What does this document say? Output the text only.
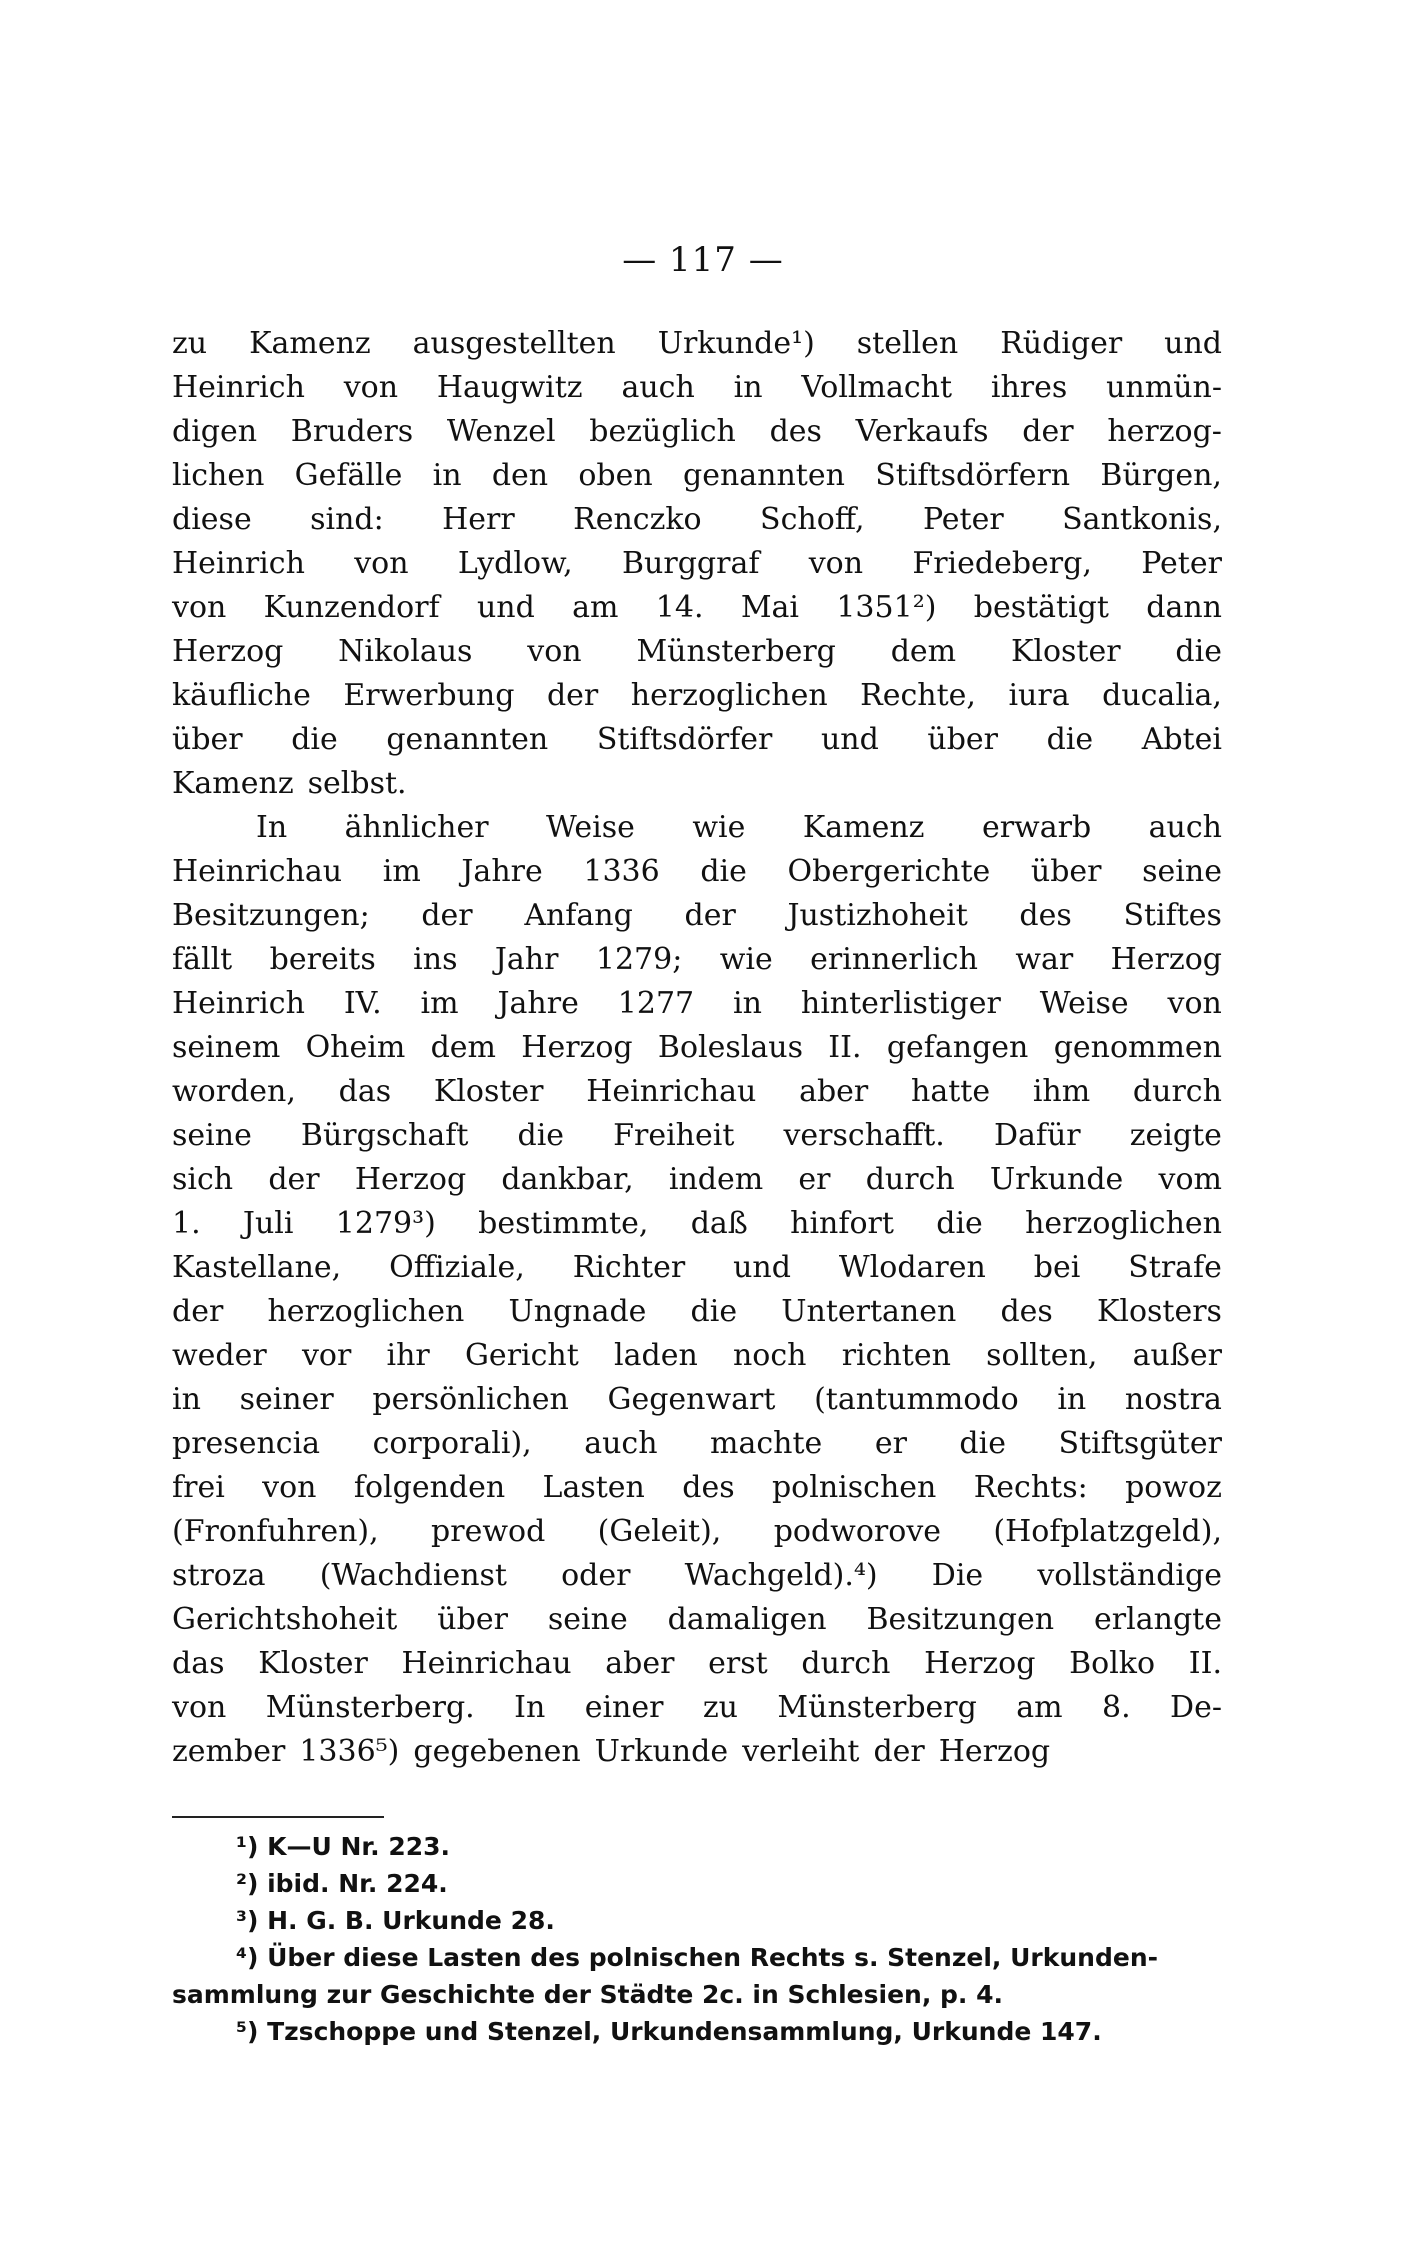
— 117 —
zu Kamenz ausgestellten Urkunde¹) stellen Rüdiger und
Heinrich von Haugwitz auch in Vollmacht ihres unmün-
digen Bruders Wenzel bezüglich des Verkaufs der herzog-
lichen Gefälle in den oben genannten Stiftsdörfern Bürgen,
diese sind: Herr Renczko Schoff, Peter Santkonis,
Heinrich von Lydlow, Burggraf von Friedeberg, Peter
von Kunzendorf und am 14. Mai 1351²) bestätigt dann
Herzog Nikolaus von Münsterberg dem Kloster die
käufliche Erwerbung der herzoglichen Rechte, iura ducalia,
über die genannten Stiftsdörfer und über die Abtei
Kamenz selbst.
In ähnlicher Weise wie Kamenz erwarb auch
Heinrichau im Jahre 1336 die Obergerichte über seine
Besitzungen; der Anfang der Justizhoheit des Stiftes
fällt bereits ins Jahr 1279; wie erinnerlich war Herzog
Heinrich IV. im Jahre 1277 in hinterlistiger Weise von
seinem Oheim dem Herzog Boleslaus II. gefangen genommen
worden, das Kloster Heinrichau aber hatte ihm durch
seine Bürgschaft die Freiheit verschafft. Dafür zeigte
sich der Herzog dankbar, indem er durch Urkunde vom
1. Juli 1279³) bestimmte, daß hinfort die herzoglichen
Kastellane, Offiziale, Richter und Wlodaren bei Strafe
der herzoglichen Ungnade die Untertanen des Klosters
weder vor ihr Gericht laden noch richten sollten, außer
in seiner persönlichen Gegenwart (tantummodo in nostra
presencia corporali), auch machte er die Stiftsgüter
frei von folgenden Lasten des polnischen Rechts: powoz
(Fronfuhren), prewod (Geleit), podworove (Hofplatzgeld),
stroza (Wachdienst oder Wachgeld).⁴) Die vollständige
Gerichtshoheit über seine damaligen Besitzungen erlangte
das Kloster Heinrichau aber erst durch Herzog Bolko II.
von Münsterberg. In einer zu Münsterberg am 8. De-
zember 1336⁵) gegebenen Urkunde verleiht der Herzog
¹) K—U Nr. 223.
²) ibid. Nr. 224.
³) H. G. B. Urkunde 28.
⁴) Über diese Lasten des polnischen Rechts s. Stenzel, Urkunden-
sammlung zur Geschichte der Städte 2c. in Schlesien, p. 4.
⁵) Tzschoppe und Stenzel, Urkundensammlung, Urkunde 147.
